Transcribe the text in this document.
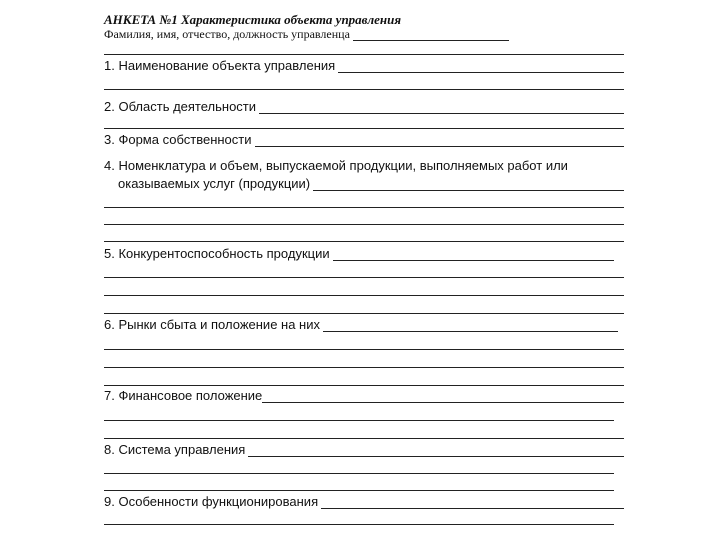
АНКЕТА №1 Характеристика объекта управления
Фамилия, имя, отчество, должность управленца
1. Наименование объекта управления
2. Область деятельности
3. Форма собственности
4. Номенклатура и объем, выпускаемой продукции, выполняемых работ или
оказываемых услуг (продукции)
5. Конкурентоспособность продукции
6. Рынки сбыта и положение на них
7. Финансовое положение
8. Система управления
9. Особенности функционирования
